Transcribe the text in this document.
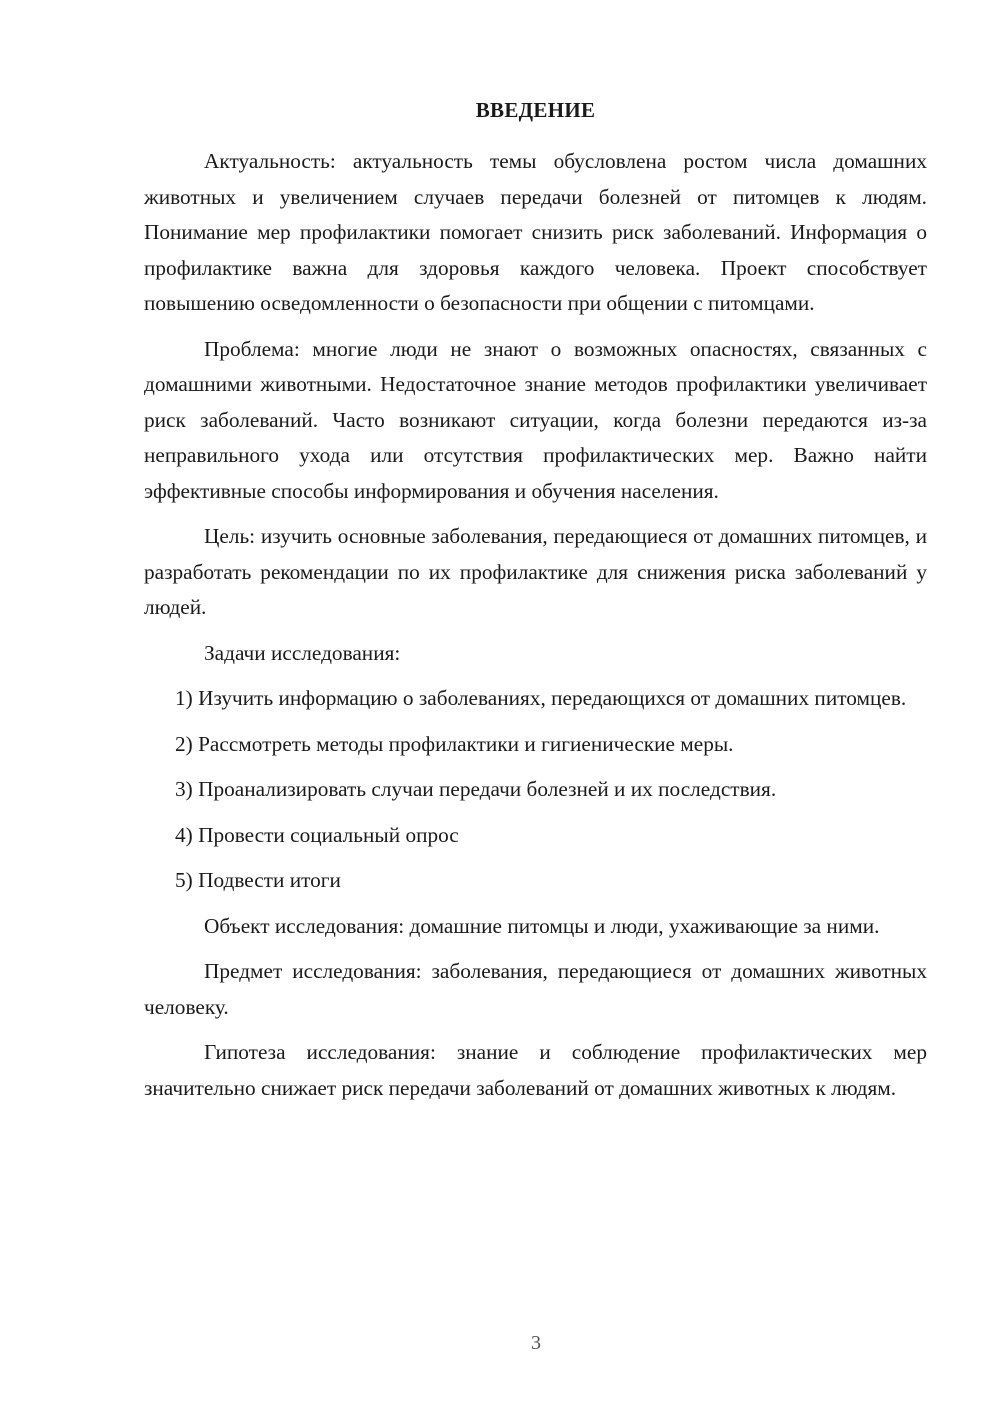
ВВЕДЕНИЕ

Актуальность: актуальность темы обусловлена ростом числа домашних животных и увеличением случаев передачи болезней от питомцев к людям. Понимание мер профилактики помогает снизить риск заболеваний. Информация о профилактике важна для здоровья каждого человека. Проект способствует повышению осведомленности о безопасности при общении с питомцами.

Проблема: многие люди не знают о возможных опасностях, связанных с домашними животными. Недостаточное знание методов профилактики увеличивает риск заболеваний. Часто возникают ситуации, когда болезни передаются из-за неправильного ухода или отсутствия профилактических мер. Важно найти эффективные способы информирования и обучения населения.

Цель: изучить основные заболевания, передающиеся от домашних питомцев, и разработать рекомендации по их профилактике для снижения риска заболеваний у людей.

Задачи исследования:

1) Изучить информацию о заболеваниях, передающихся от домашних питомцев.

2) Рассмотреть методы профилактики и гигиенические меры.

3) Проанализировать случаи передачи болезней и их последствия.

4) Провести социальный опрос

5) Подвести итоги

Объект исследования: домашние питомцы и люди, ухаживающие за ними.

Предмет исследования: заболевания, передающиеся от домашних животных человеку.

Гипотеза исследования: знание и соблюдение профилактических мер значительно снижает риск передачи заболеваний от домашних животных к людям.

3
